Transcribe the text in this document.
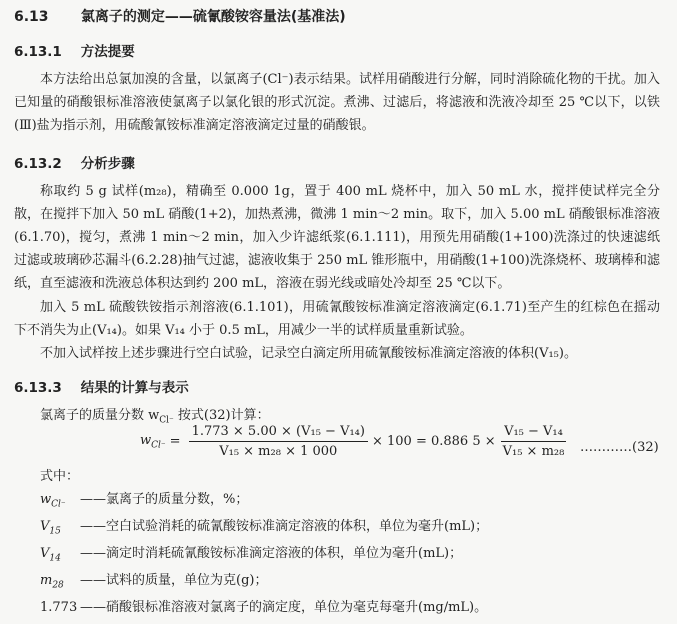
6.13 氯离子的测定——硫氰酸铵容量法(基准法)
6.13.1 方法提要
本方法给出总氯加溴的含量，以氯离子(Cl⁻)表示结果。试样用硝酸进行分解，同时消除硫化物的干扰。加入已知量的硝酸银标准溶液使氯离子以氯化银的形式沉淀。煮沸、过滤后，将滤液和洗液冷却至 25 ℃以下，以铁(Ⅲ)盐为指示剂，用硫酸氰铵标准滴定溶液滴定过量的硝酸银。
6.13.2 分析步骤
称取约 5 g 试样(m₂₈)，精确至 0.000 1g，置于 400 mL 烧杯中，加入 50 mL 水，搅拌使试样完全分散，在搅拌下加入 50 mL 硝酸(1+2)，加热煮沸，微沸 1 min～2 min。取下，加入 5.00 mL 硝酸银标准溶液(6.1.70)，搅匀，煮沸 1 min～2 min，加入少许滤纸浆(6.1.111)，用预先用硝酸(1+100)洗涤过的快速滤纸过滤或玻璃砂芯漏斗(6.2.28)抽气过滤，滤液收集于 250 mL 锥形瓶中，用硝酸(1+100)洗涤烧杯、玻璃棒和滤纸，直至滤液和洗液总体积达到约 200 mL，溶液在弱光线或暗处冷却至 25 ℃以下。
加入 5 mL 硫酸铁铵指示剂溶液(6.1.101)，用硫氰酸铵标准滴定溶液滴定(6.1.71)至产生的红棕色在摇动下不消失为止(V₁₄)。如果 V₁₄ 小于 0.5 mL，用减少一半的试样质量重新试验。
不加入试样按上述步骤进行空白试验，记录空白滴定所用硫氰酸铵标准滴定溶液的体积(V₁₅)。
6.13.3 结果的计算与表示
氯离子的质量分数 $w_{Cl^-}$ 按式(32)计算：
$w_{Cl^-} = \frac{\text{1.773 × 5.00 × (V₁₅ − V₁₄)}}{\text{V₁₅ × m₂₈ × 1 000}} \times 100 = 0.886$ $5 \times \frac{\text{V₁₅ − V₁₄}}{\text{V₁₅ × m₂₈}}$ …………(32)
式中：
$w_{Cl^-}$	——氯离子的质量分数，%；
$V_{15}$	——空白试验消耗的硫氰酸铵标准滴定溶液的体积，单位为毫升(mL)；
$V_{14}$	——滴定时消耗硫氰酸铵标准滴定溶液的体积，单位为毫升(mL)；
$m_{28}$	——试料的质量，单位为克(g)；
1.773 ——硝酸银标准溶液对氯离子的滴定度，单位为毫克每毫升(mg/mL)。
